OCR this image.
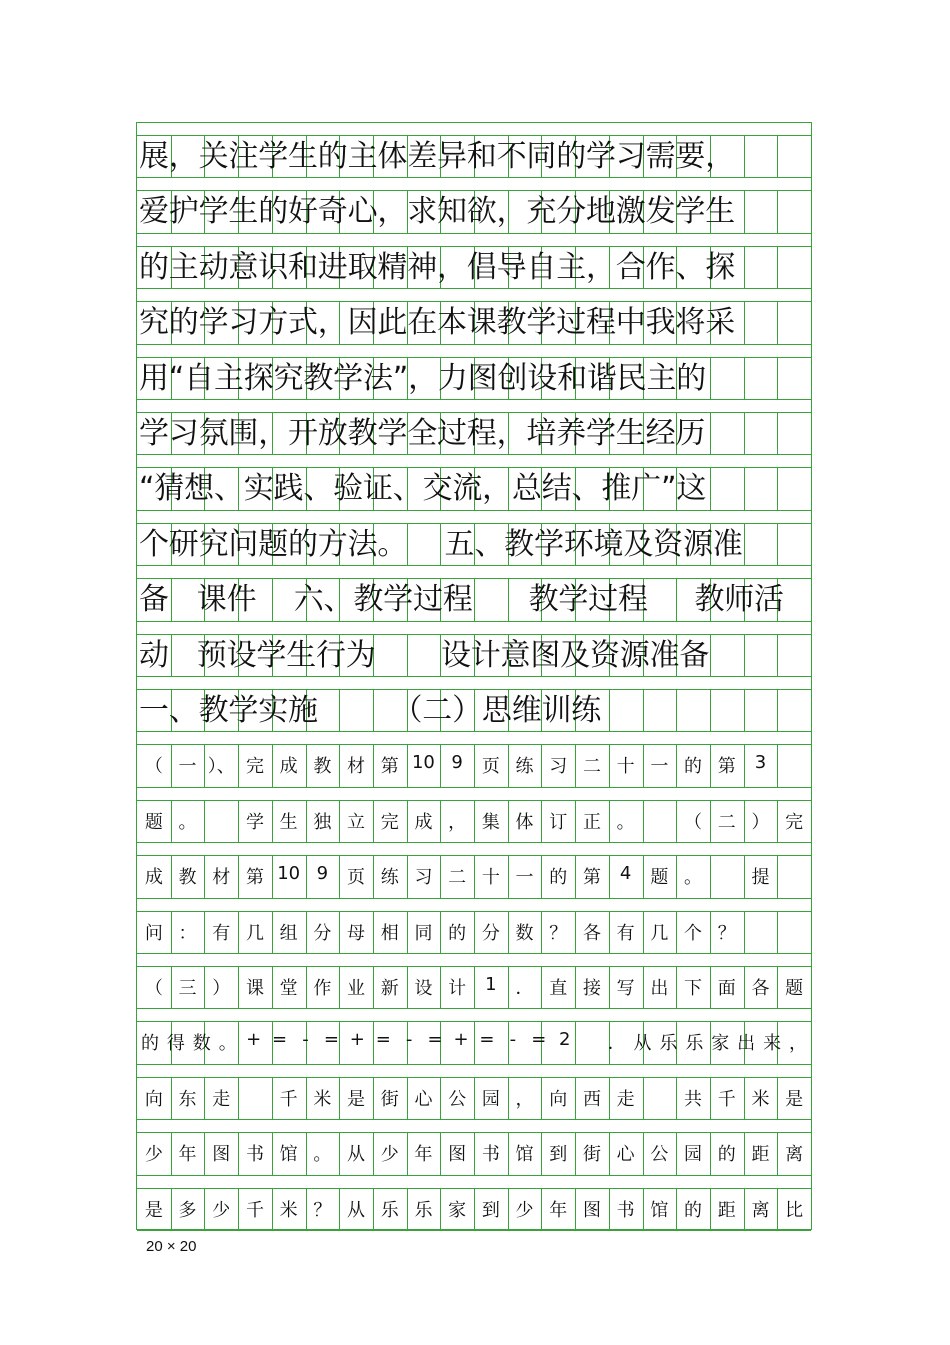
展，关注学生的主体差异和不同的学习需要，
爱护学生的好奇心，求知欲，充分地激发学生
的主动意识和进取精神，倡导自主，合作、探
究的学习方式，因此在本课教学过程中我将采
用“自主探究教学法”，力图创设和谐民主的
学习氛围，开放教学全过程，培养学生经历
“猜想、实践、验证、交流，总结、推广”这
个研究问题的方法。    五、教学环境及资源准
备   课件    六、教学过程      教学过程     教师活
动   预设学生行为       设计意图及资源准备
一、教学实施        （二）思维训练
（ 一 ）、 完 成 教 材 第 10 9	页 练 习 二 十 一 的 第	3
题 。	学 生 独 立 完 成 ， 集 体 订 正 。	（ 二 ） 完
成 教 材 第 10 9	页 练 习 二 十 一 的 第	4	题 。	提
问 ： 有 几 组 分 母 相 同 的 分 数 ？ 各 有 几 个 ？
（ 三 ） 课 堂 作 业 新 设 计	1	． 直 接 写 出 下 面 各 题
的 得 数 。 + = - = + = - = + = - = 2	． 从 乐 乐 家 出 来 ，
向 东 走	千 米 是 街 心 公 园 ， 向 西 走	共 千 米 是
少 年 图 书 馆 。 从 少 年 图 书 馆 到 街 心 公 园 的 距 离
是 多 少 千 米 ？ 从 乐 乐 家 到 少 年 图 书 馆 的 距 离 比
20 × 20
